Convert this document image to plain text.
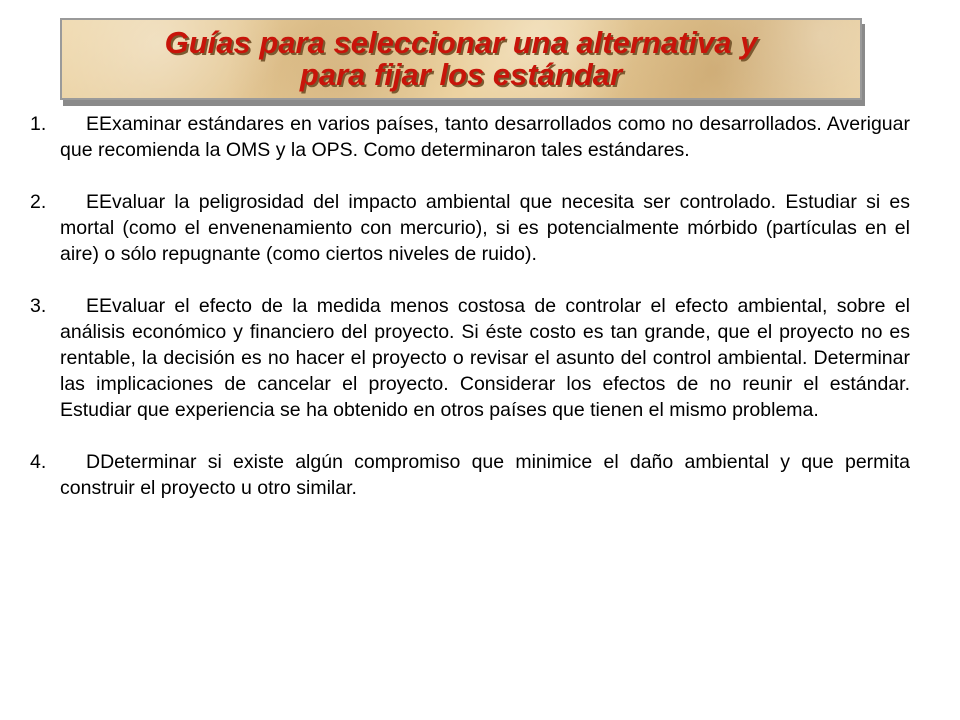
Guías para seleccionar una alternativa y
para fijar los estándar
1.	EExaminar estándares en varios países, tanto desarrollados como no desarrollados. Averiguar que recomienda la OMS y la OPS. Como determinaron tales estándares.
2.	EEvaluar la peligrosidad del impacto ambiental que necesita ser controlado. Estudiar si es mortal (como el envenenamiento con mercurio), si es potencialmente mórbido (partículas en el aire) o sólo repugnante (como ciertos niveles de ruido).
3.	EEvaluar el efecto de la medida menos costosa de controlar el efecto ambiental, sobre el análisis económico y financiero del proyecto. Si éste costo es tan grande, que el proyecto no es rentable, la decisión es no hacer el proyecto o revisar el asunto del control ambiental. Determinar las implicaciones de cancelar el proyecto. Considerar los efectos de no reunir el estándar. Estudiar que experiencia se ha obtenido en otros países que tienen el mismo problema.
4.	DDeterminar si existe algún compromiso que minimice el daño ambiental y que permita construir el proyecto u otro similar.
